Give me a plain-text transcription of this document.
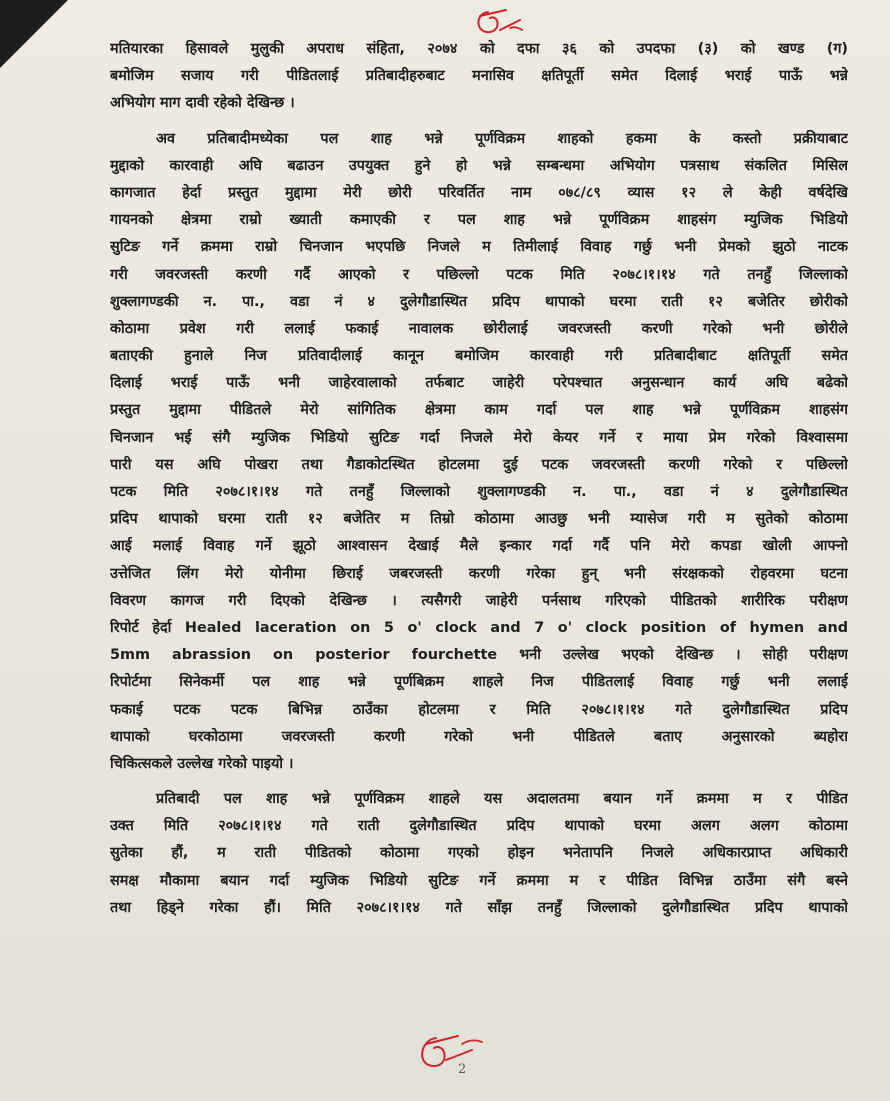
मतियारका हिसावले मुलुकी अपराध संहिता, २०७४ को दफा ३६ को उपदफा (३) को खण्ड (ग)
बमोजिम सजाय गरी पीडितलाई प्रतिबादीहरुबाट मनासिव क्षतिपूर्ती समेत दिलाई भराई पाऊँ भन्ने
अभियोग माग दावी रहेको देखिन्छ ।
अव प्रतिबादीमध्येका पल शाह भन्ने पूर्णविक्रम शाहको हकमा के कस्तो प्रक्रीयाबाट
मुद्दाको कारवाही अघि बढाउन उपयुक्त हुने हो भन्ने सम्बन्धमा अभियोग पत्रसाथ संकलित मिसिल
कागजात हेर्दा प्रस्तुत मुद्दामा मेरी छोरी परिवर्तित नाम ०७८/८९ व्यास १२ ले केही वर्षदेखि
गायनको क्षेत्रमा राम्रो ख्याती कमाएकी र पल शाह भन्ने पूर्णविक्रम शाहसंग म्युजिक भिडियो
सुटिङ गर्ने क्रममा राम्रो चिनजान भएपछि निजले म तिमीलाई विवाह गर्छु भनी प्रेमको झुठो नाटक
गरी जवरजस्ती करणी गर्दै आएको र पछिल्लो पटक मिति २०७८।१।१४ गते तनहुँ जिल्लाको
शुक्लागण्डकी न. पा., वडा नं ४ दुलेगौडास्थित प्रदिप थापाको घरमा राती १२ बजेतिर छोरीको
कोठामा प्रवेश गरी ललाई फकाई नावालक छोरीलाई जवरजस्ती करणी गरेको भनी छोरीले
बताएकी हुनाले निज प्रतिवादीलाई कानून बमोजिम कारवाही गरी प्रतिबादीबाट क्षतिपूर्ती समेत
दिलाई भराई पाऊँ भनी जाहेरवालाको तर्फबाट जाहेरी परेपश्चात अनुसन्धान कार्य अघि बढेको
प्रस्तुत मुद्दामा पीडितले मेरो सांगितिक क्षेत्रमा काम गर्दा पल शाह भन्ने पूर्णविक्रम शाहसंग
चिनजान भई संगै म्युजिक भिडियो सुटिङ गर्दा निजले मेरो केयर गर्ने र माया प्रेम गरेको विश्वासमा
पारी यस अघि पोखरा तथा गैडाकोटस्थित होटलमा दुई पटक जवरजस्ती करणी गरेको र पछिल्लो
पटक मिति २०७८।१।१४ गते तनहुँ जिल्लाको शुक्लागण्डकी न. पा., वडा नं ४ दुलेगौडास्थित
प्रदिप थापाको घरमा राती १२ बजेतिर म तिम्रो कोठामा आउछु भनी म्यासेज गरी म सुतेको कोठामा
आई मलाई विवाह गर्ने झूठो आश्वासन देखाई मैले इन्कार गर्दा गर्दै पनि मेरो कपडा खोली आफ्नो
उत्तेजित लिंग मेरो योनीमा छिराई जबरजस्ती करणी गरेका हुन् भनी संरक्षकको रोहवरमा घटना
विवरण कागज गरी दिएको देखिन्छ । त्यसैगरी जाहेरी पर्नसाथ गरिएको पीडितको शारीरिक परीक्षण
रिपोर्ट हेर्दा Healed laceration on 5 o' clock and 7 o' clock position of hymen and
5mm abrassion on posterior fourchette भनी उल्लेख भएको देखिन्छ । सोही परीक्षण
रिपोर्टमा सिनेकर्मी पल शाह भन्ने पूर्णबिक्रम शाहले निज पीडितलाई विवाह गर्छु भनी ललाई
फकाई पटक पटक बिभिन्न ठाउँका होटलमा र मिति २०७८।१।१४ गते दुलेगौडास्थित प्रदिप
थापाको घरकोठामा जवरजस्ती करणी गरेको भनी पीडितले बताए अनुसारको ब्यहोरा
चिकित्सकले उल्लेख गरेको पाइयो ।
प्रतिबादी पल शाह भन्ने पूर्णविक्रम शाहले यस अदालतमा बयान गर्ने क्रममा म र पीडित
उक्त मिति २०७८।१।१४ गते राती दुलेगौडास्थित प्रदिप थापाको घरमा अलग अलग कोठामा
सुतेका हौं, म राती पीडितको कोठामा गएको होइन भनेतापनि निजले अधिकारप्राप्त अधिकारी
समक्ष मौकामा बयान गर्दा म्युजिक भिडियो सुटिङ गर्ने क्रममा म र पीडित विभिन्न ठाउँमा संगै बस्ने
तथा हिड्ने गरेका हौं। मिति २०७८।१।१४ गते साँझ तनहुँ जिल्लाको दुलेगौडास्थित प्रदिप थापाको
2
